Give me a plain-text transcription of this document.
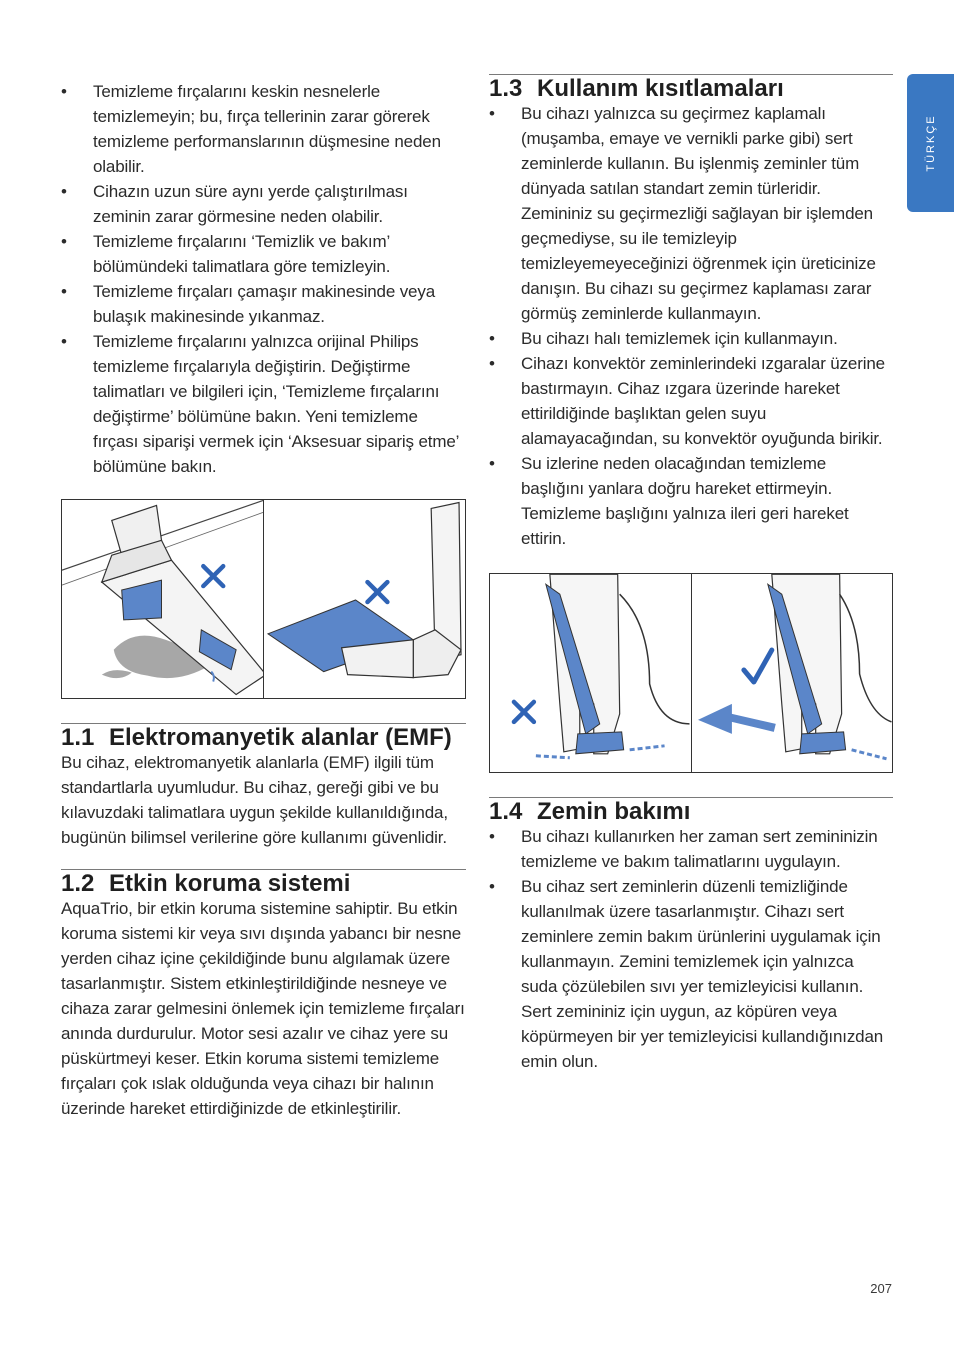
TÜRKÇE
• Temizleme fırçalarını keskin nesnelerle temizlemeyin; bu, fırça tellerinin zarar görerek temizleme performanslarının düşmesine neden olabilir.
• Cihazın uzun süre aynı yerde çalıştırılması zeminin zarar görmesine neden olabilir.
• Temizleme fırçalarını ‘Temizlik ve bakım’ bölümündeki talimatlara göre temizleyin.
• Temizleme fırçaları çamaşır makinesinde veya bulaşık makinesinde yıkanmaz.
• Temizleme fırçalarını yalnızca orijinal Philips temizleme fırçalarıyla değiştirin. Değiştirme talimatları ve bilgileri için, ‘Temizleme fırçalarını değiştirme’ bölümüne bakın. Yeni temizleme fırçası siparişi vermek için ‘Aksesuar sipariş etme’ bölümüne bakın.
1.1 Elektromanyetik alanlar (EMF)

Bu cihaz, elektromanyetik alanlarla (EMF) ilgili tüm standartlarla uyumludur. Bu cihaz, gereği gibi ve bu kılavuzdaki talimatlara uygun şekilde kullanıldığında, bugünün bilimsel verilerine göre kullanımı güvenlidir.

1.2 Etkin koruma sistemi

AquaTrio, bir etkin koruma sistemine sahiptir. Bu etkin koruma sistemi kir veya sıvı dışında yabancı bir nesne yerden cihaz içine çekildiğinde bunu algılamak üzere tasarlanmıştır. Sistem etkinleştirildiğinde nesneye ve cihaza zarar gelmesini önlemek için temizleme fırçaları anında durdurulur. Motor sesi azalır ve cihaz yere su püskürtmeyi keser. Etkin koruma sistemi temizleme fırçaları çok ıslak olduğunda veya cihazı bir halının üzerinde hareket ettirdiğinizde de etkinleştirilir.

1.3 Kullanım kısıtlamaları
• Bu cihazı yalnızca su geçirmez kaplamalı (muşamba, emaye ve vernikli parke gibi) sert zeminlerde kullanın. Bu işlenmiş zeminler tüm dünyada satılan standart zemin türleridir. Zemininiz su geçirmezliği sağlayan bir işlemden geçmediyse, su ile temizleyip temizleyemeyeceğinizi öğrenmek için üreticinize danışın. Bu cihazı su geçirmez kaplaması zarar görmüş zeminlerde kullanmayın.
• Bu cihazı halı temizlemek için kullanmayın.
• Cihazı konvektör zeminlerindeki ızgaralar üzerine bastırmayın. Cihaz ızgara üzerinde hareket ettirildiğinde başlıktan gelen suyu alamayacağından, su konvektör oyuğunda birikir.
• Su izlerine neden olacağından temizleme başlığını yanlara doğru hareket ettirmeyin. Temizleme başlığını yalnıza ileri geri hareket ettirin.
1.4 Zemin bakımı
• Bu cihazı kullanırken her zaman sert zemininizin temizleme ve bakım talimatlarını uygulayın.
• Bu cihaz sert zeminlerin düzenli temizliğinde kullanılmak üzere tasarlanmıştır. Cihazı sert zeminlere zemin bakım ürünlerini uygulamak için kullanmayın. Zemini temizlemek için yalnızca suda çözülebilen sıvı yer temizleyicisi kullanın. Sert zemininiz için uygun, az köpüren veya köpürmeyen bir yer temizleyicisi kullandığınızdan emin olun.
207
